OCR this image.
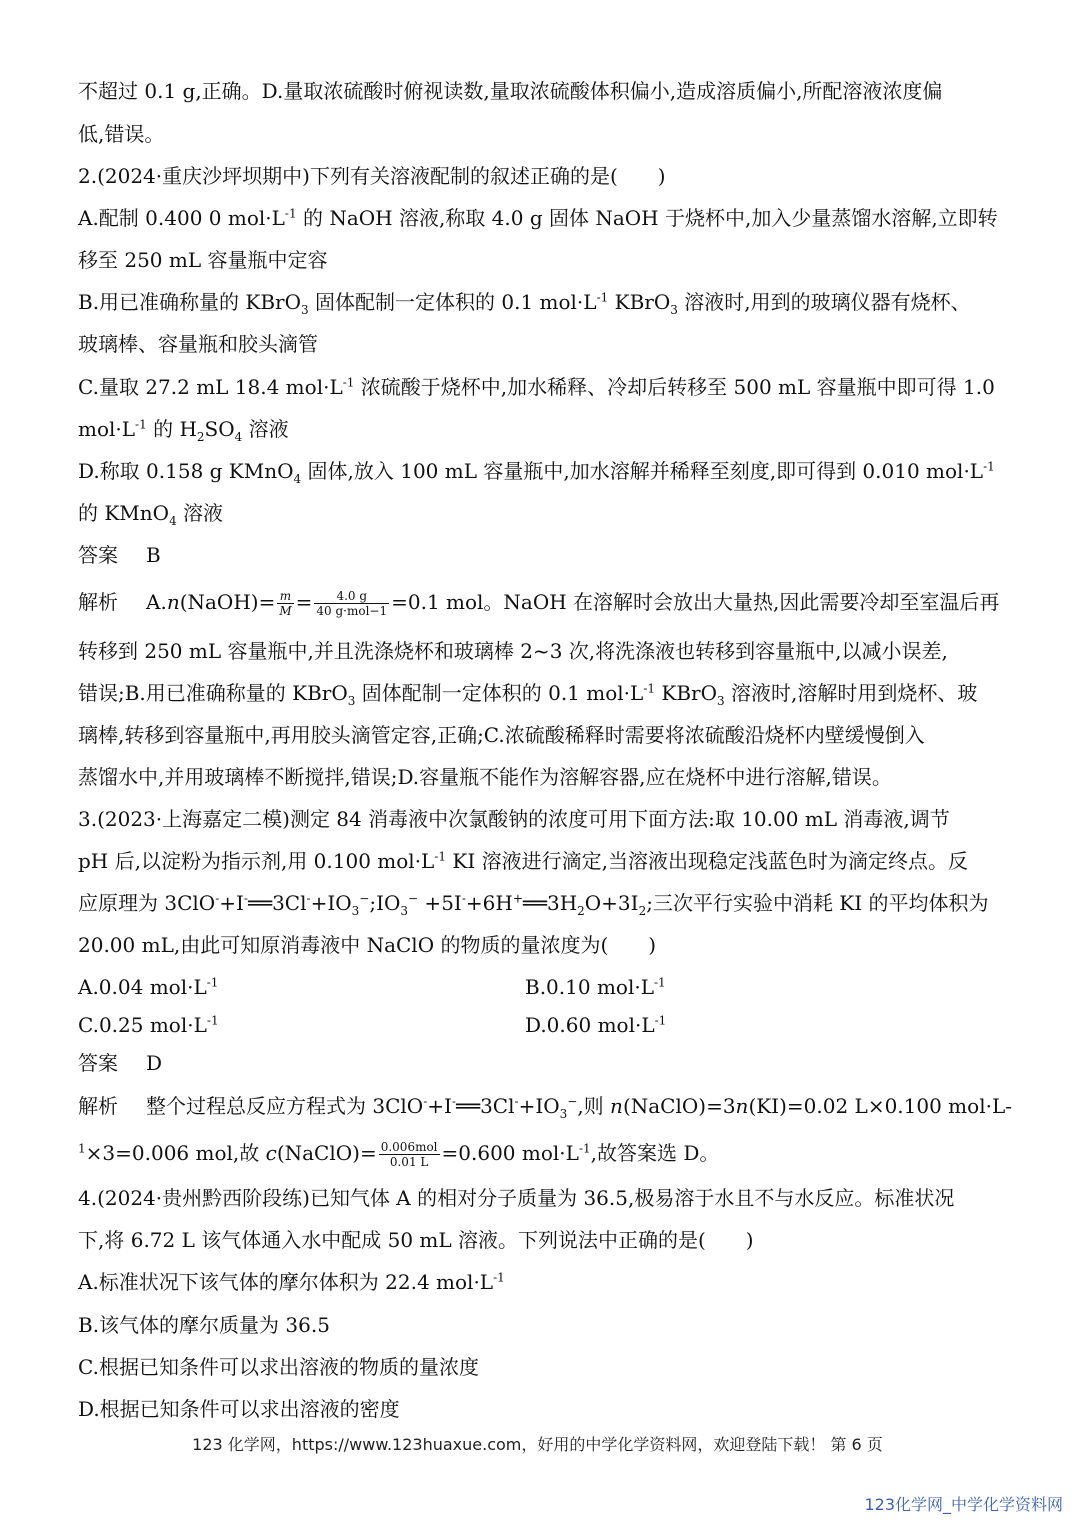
不超过 0.1 g,正确。D.量取浓硫酸时俯视读数,量取浓硫酸体积偏小,造成溶质偏小,所配溶液浓度偏
低,错误。
2.(2024·重庆沙坪坝期中)下列有关溶液配制的叙述正确的是(　　)
A.配制 0.400 0 $mol\cdot L^{-1}$ 的 NaOH 溶液,称取 4.0 g 固体 NaOH 于烧杯中,加入少量蒸馏水溶解,立即转
移至 250 mL 容量瓶中定容
B.用已准确称量的 KBrO$_3$ 固体配制一定体积的 0.1 $mol\cdot L^{-1}$ KBrO$_3$ 溶液时,用到的玻璃仪器有烧杯、
玻璃棒、容量瓶和胶头滴管
C.量取 27.2 mL 18.4 $mol\cdot L^{-1}$ 浓硫酸于烧杯中,加水稀释、冷却后转移至 500 mL 容量瓶中即可得 1.0
$mol\cdot L^{-1}$ 的 $H_2SO_4$ 溶液
D.称取 0.158 g KMnO$_4$ 固体,放入 100 mL 容量瓶中,加水溶解并稀释至刻度,即可得到 0.010 $mol\cdot L^{-1}$
的 KMnO$_4$ 溶液
答案 B
解析 A.n(NaOH)= $\frac{m}{M} = \frac{4.0 g}{\text{40 g·mol−1}} =0.1$ mol。NaOH 在溶解时会放出大量热,因此需要冷却至室温后再
转移到 250 mL 容量瓶中,并且洗涤烧杯和玻璃棒 2~3 次,将洗涤液也转移到容量瓶中,以减小误差,
错误;B.用已准确称量的 KBrO$_3$ 固体配制一定体积的 0.1 $mol\cdot L^{-1}$ KBrO$_3$ 溶液时,溶解时用到烧杯、玻
璃棒,转移到容量瓶中,再用胶头滴管定容,正确;C.浓硫酸稀释时需要将浓硫酸沿烧杯内壁缓慢倒入
蒸馏水中,并用玻璃棒不断搅拌,错误;D.容量瓶不能作为溶解容器,应在烧杯中进行溶解,错误。
3.(2023·上海嘉定二模)测定 84 消毒液中次氯酸钠的浓度可用下面方法:取 10.00 mL 消毒液,调节
pH 后,以淀粉为指示剂,用 0.100 $mol\cdot L^{-1}$ KI 溶液进行滴定,当溶液出现稳定浅蓝色时为滴定终点。反
应原理为 $3ClO^-+I^-══3Cl^-+IO_3^-;IO_3^-$ $+5I^-+6H^+══3H_2O+3I_2$;三次平行实验中消耗 KI 的平均体积为
20.00 mL,由此可知原消毒液中 NaClO 的物质的量浓度为(　　)
A.0.04 $mol\cdot L^{-1}$	B.0.10 $mol\cdot L^{-1}$
C.0.25 $mol\cdot L^{-1}$	D.0.60 $mol\cdot L^{-1}$
答案 D
解析 整个过程总反应方程式为 $3ClO^-+I^-══3Cl^-+IO_3^-$,则 n(NaClO)=3n(KI)=0.02 L×0.100 mol·L-
$^1$×3=0.006 mol,故 c(NaClO)= $\frac{\text{0.006mol}}{0.01 L} =0.600$ $mol\cdot L^{-1}$,故答案选 D。
4.(2024·贵州黔西阶段练)已知气体 A 的相对分子质量为 36.5,极易溶于水且不与水反应。标准状况
下,将 6.72 L 该气体通入水中配成 50 mL 溶液。下列说法中正确的是(　　)
A.标准状况下该气体的摩尔体积为 22.4 $mol\cdot L^{-1}$
B.该气体的摩尔质量为 36.5
C.根据已知条件可以求出溶液的物质的量浓度
D.根据已知条件可以求出溶液的密度
123 化学网，https://www.123huaxue.com，好用的中学化学资料网，欢迎登陆下载！ 第 6 页
123化学网_中学化学资料网
